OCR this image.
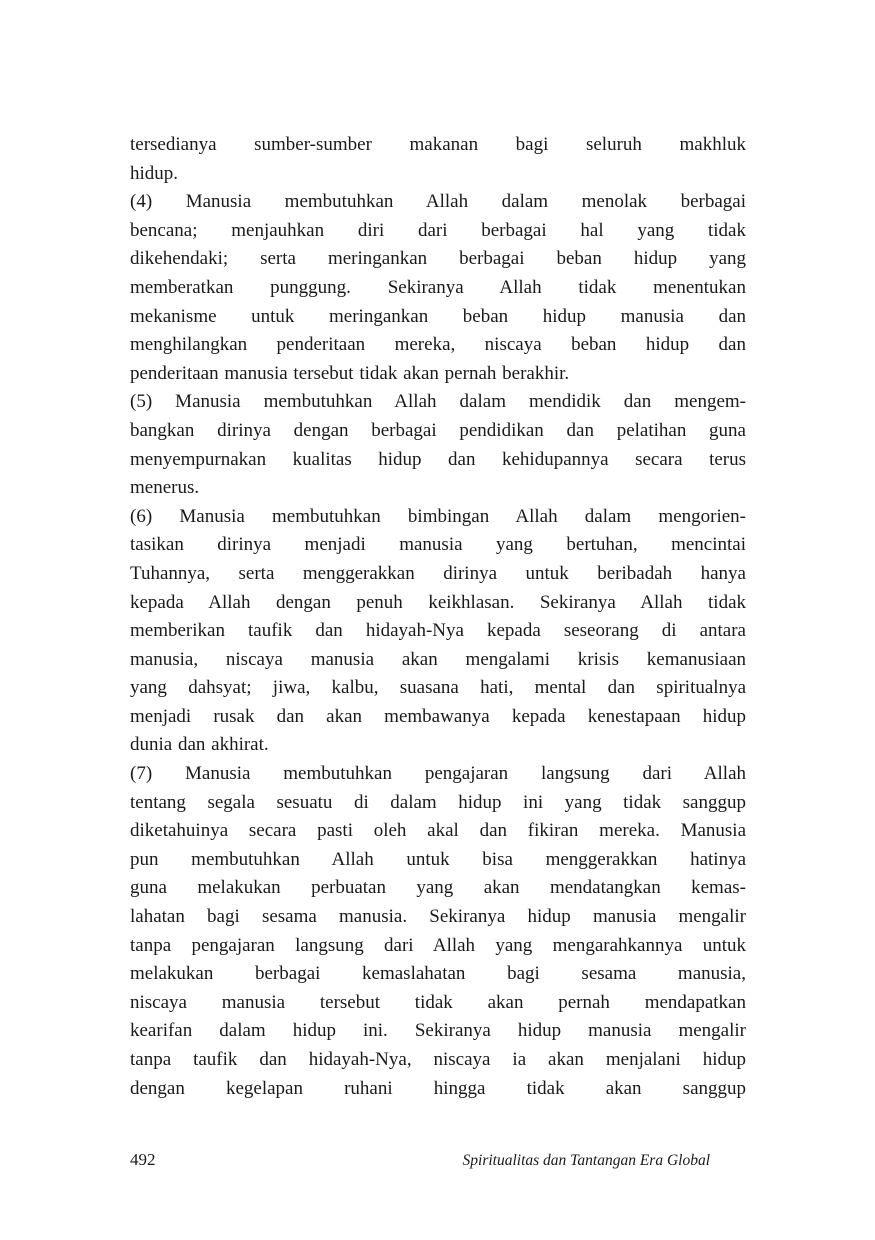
tersedianya sumber-sumber makanan bagi seluruh makhluk
hidup.
(4) Manusia membutuhkan Allah dalam menolak berbagai
bencana; menjauhkan diri dari berbagai hal yang tidak
dikehendaki; serta meringankan berbagai beban hidup yang
memberatkan punggung. Sekiranya Allah tidak menentukan
mekanisme untuk meringankan beban hidup manusia dan
menghilangkan penderitaan mereka, niscaya beban hidup dan
penderitaan manusia tersebut tidak akan pernah berakhir.
(5) Manusia membutuhkan Allah dalam mendidik dan mengem-
bangkan dirinya dengan berbagai pendidikan dan pelatihan guna
menyempurnakan kualitas hidup dan kehidupannya secara terus
menerus.
(6) Manusia membutuhkan bimbingan Allah dalam mengorien-
tasikan dirinya menjadi manusia yang bertuhan, mencintai
Tuhannya, serta menggerakkan dirinya untuk beribadah hanya
kepada Allah dengan penuh keikhlasan. Sekiranya Allah tidak
memberikan taufik dan hidayah-Nya kepada seseorang di antara
manusia, niscaya manusia akan mengalami krisis kemanusiaan
yang dahsyat; jiwa, kalbu, suasana hati, mental dan spiritualnya
menjadi rusak dan akan membawanya kepada kenestapaan hidup
dunia dan akhirat.
(7) Manusia membutuhkan pengajaran langsung dari Allah
tentang segala sesuatu di dalam hidup ini yang tidak sanggup
diketahuinya secara pasti oleh akal dan fikiran mereka. Manusia
pun membutuhkan Allah untuk bisa menggerakkan hatinya
guna melakukan perbuatan yang akan mendatangkan kemas-
lahatan bagi sesama manusia. Sekiranya hidup manusia mengalir
tanpa pengajaran langsung dari Allah yang mengarahkannya untuk
melakukan berbagai kemaslahatan bagi sesama manusia,
niscaya manusia tersebut tidak akan pernah mendapatkan
kearifan dalam hidup ini. Sekiranya hidup manusia mengalir
tanpa taufik dan hidayah-Nya, niscaya ia akan menjalani hidup
dengan kegelapan ruhani hingga tidak akan sanggup
492	Spiritualitas dan Tantangan Era Global
